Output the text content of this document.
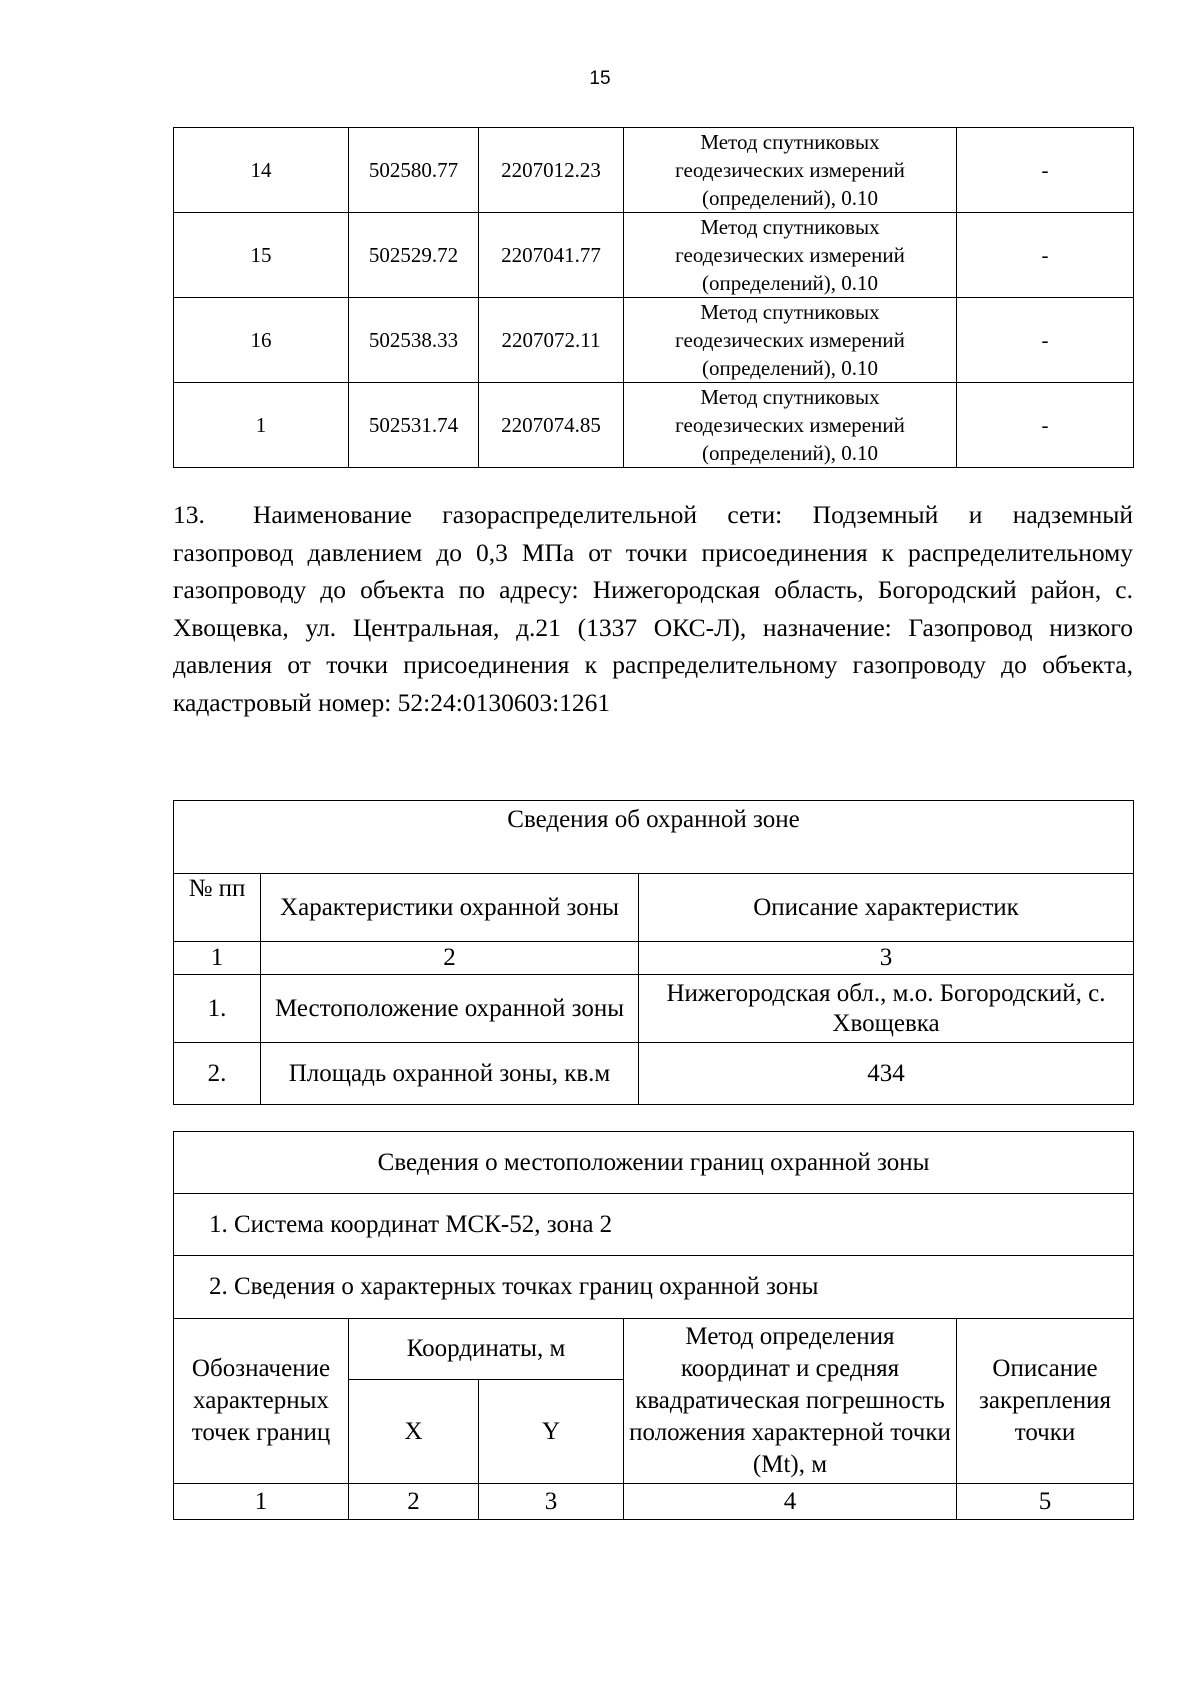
15
14	502580.77	2207012.23	Метод спутниковых
геодезических измерений
(определений), 0.10	-
15	502529.72	2207041.77	Метод спутниковых
геодезических измерений
(определений), 0.10	-
16	502538.33	2207072.11	Метод спутниковых
геодезических измерений
(определений), 0.10	-
1	502531.74	2207074.85	Метод спутниковых
геодезических измерений
(определений), 0.10	-

13. Наименование газораспределительной сети: Подземный и надземный газопровод давлением до 0,3 МПа от точки присоединения к распределительному газопроводу до объекта по адресу: Нижегородская область, Богородский район, с. Хвощевка, ул. Центральная, д.21 (1337 ОКС-Л), назначение: Газопровод низкого давления от точки присоединения к распределительному газопроводу до объекта, кадастровый номер: 52:24:0130603:1261

Сведения об охранной зоне		
№ пп	Характеристики охранной зоны	Описание характеристик
1	2	3
1.	Местоположение охранной зоны	Нижегородская обл., м.о. Богородский, с. Хвощевка
2.	Площадь охранной зоны, кв.м	434
Сведения о местоположении границ охранной зоны				
1. Система координат МСК-52, зона 2				
2. Сведения о характерных точках границ охранной зоны				
Обозначение характерных точек границ	Координаты, м		Метод определения координат и средняя квадратическая погрешность положения характерной точки (Mt), м	Описание закрепления точки
	X	Y		
1	2	3	4	5
